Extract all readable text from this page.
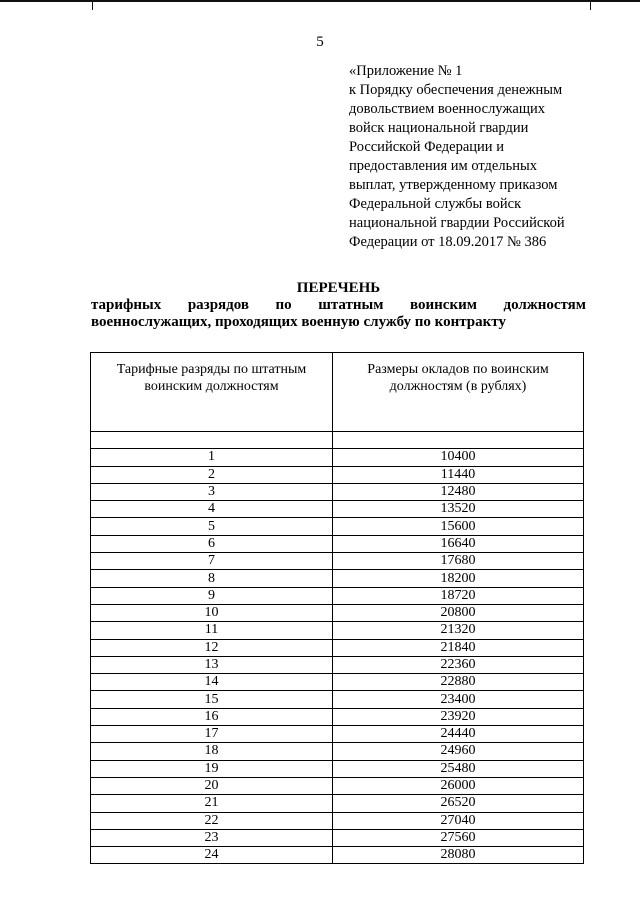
5
«Приложение № 1
к Порядку обеспечения денежным
довольствием военнослужащих
войск национальной гвардии
Российской Федерации и
предоставления им отдельных
выплат, утвержденному приказом
Федеральной службы войск
национальной гвардии Российской
Федерации от 18.09.2017 № 386
ПЕРЕЧЕНЬ
тарифных разрядов по штатным воинским должностям военнослужащих, проходящих военную службу по контракту
Тарифные разряды по штатным воинским должностям	Размеры окладов по воинским должностям (в рублях)

1	10400
2	11440
3	12480
4	13520
5	15600
6	16640
7	17680
8	18200
9	18720
10	20800
11	21320
12	21840
13	22360
14	22880
15	23400
16	23920
17	24440
18	24960
19	25480
20	26000
21	26520
22	27040
23	27560
24	28080
